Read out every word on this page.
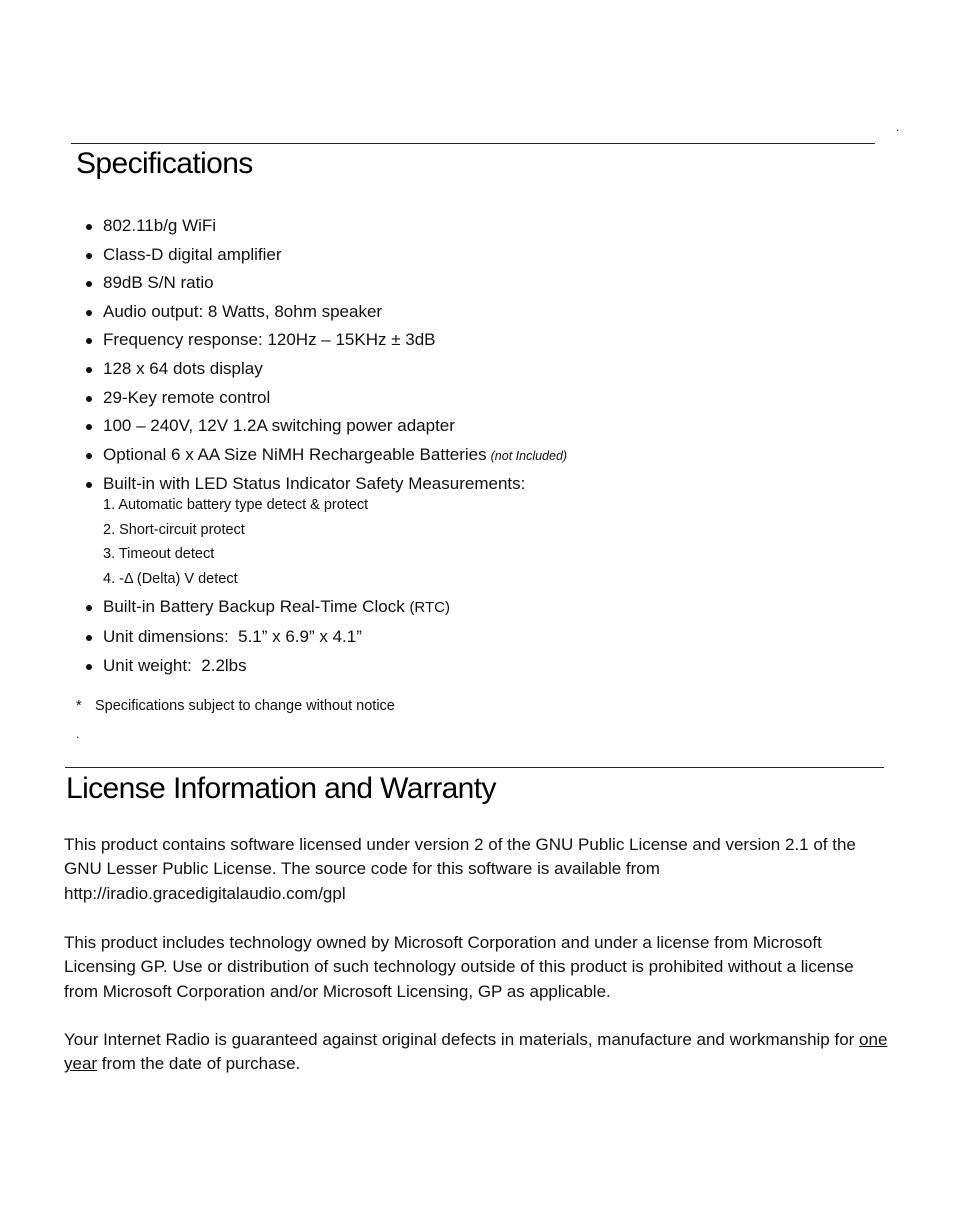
.
Specifications
802.11b/g WiFi
Class-D digital amplifier
89dB S/N ratio
Audio output: 8 Watts, 8ohm speaker
Frequency response: 120Hz – 15KHz ± 3dB
128 x 64 dots display
29-Key remote control
100 – 240V, 12V 1.2A switching power adapter
Optional 6 x AA Size NiMH Rechargeable Batteries (not Included)
Built-in with LED Status Indicator Safety Measurements:
1. Automatic battery type detect & protect
2. Short-circuit protect
3. Timeout detect
4. -Δ (Delta) V detect
Built-in Battery Backup Real-Time Clock (RTC)
Unit dimensions:  5.1” x 6.9” x 4.1”
Unit weight:  2.2lbs
* Specifications subject to change without notice
.
License Information and Warranty

This product contains software licensed under version 2 of the GNU Public License and version 2.1 of the GNU Lesser Public License. The source code for this software is available from http://iradio.gracedigitalaudio.com/gpl

This product includes technology owned by Microsoft Corporation and under a license from Microsoft Licensing GP. Use or distribution of such technology outside of this product is prohibited without a license from Microsoft Corporation and/or Microsoft Licensing, GP as applicable.

Your Internet Radio is guaranteed against original defects in materials, manufacture and workmanship for one year from the date of purchase.
